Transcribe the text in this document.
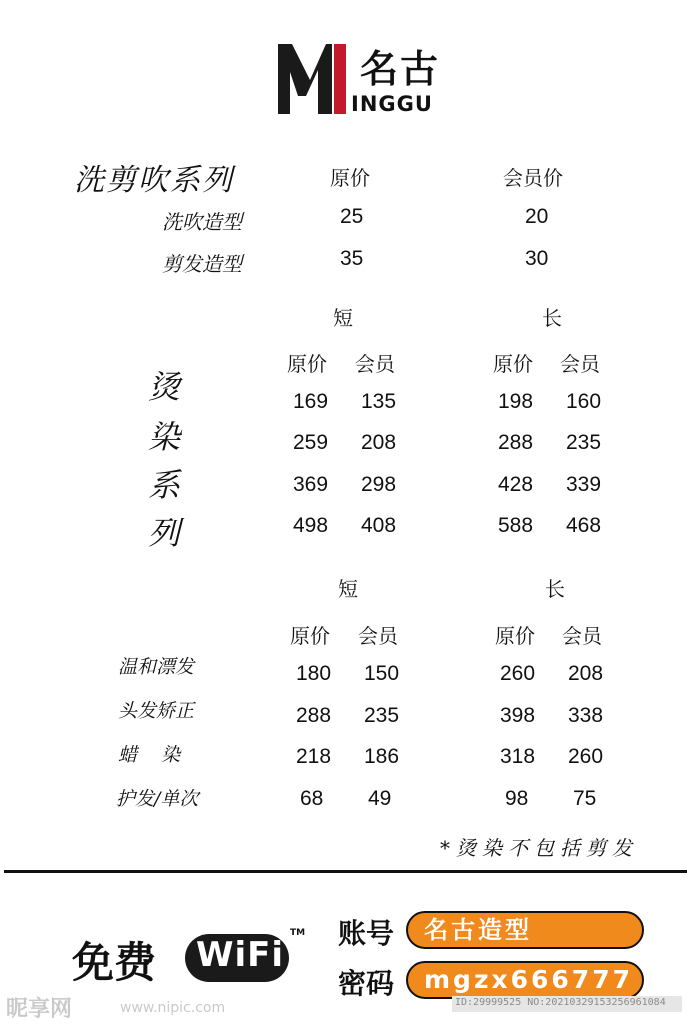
名古
INGGU
洗剪吹系列	原价	会员价
洗吹造型	25	20
剪发造型	35	30
短	长
原价 会员	原价 会员
烫
染
系
列
169 135	198 160
259 208	288 235
369 298	428 339
498 408	588 468
短	长
原价 会员	原价 会员
温和漂发	180 150	260 208
头发矫正	288 235	398 338
蜡    染	218 186	318 260
护发/单次	68 49	98 75
*烫染不包括剪发
免费 WiFi
TM 账号	名古造型
密码	mgzx666777
昵享网	www.nipic.com	ID:29999525 NO:20210329153256961084
